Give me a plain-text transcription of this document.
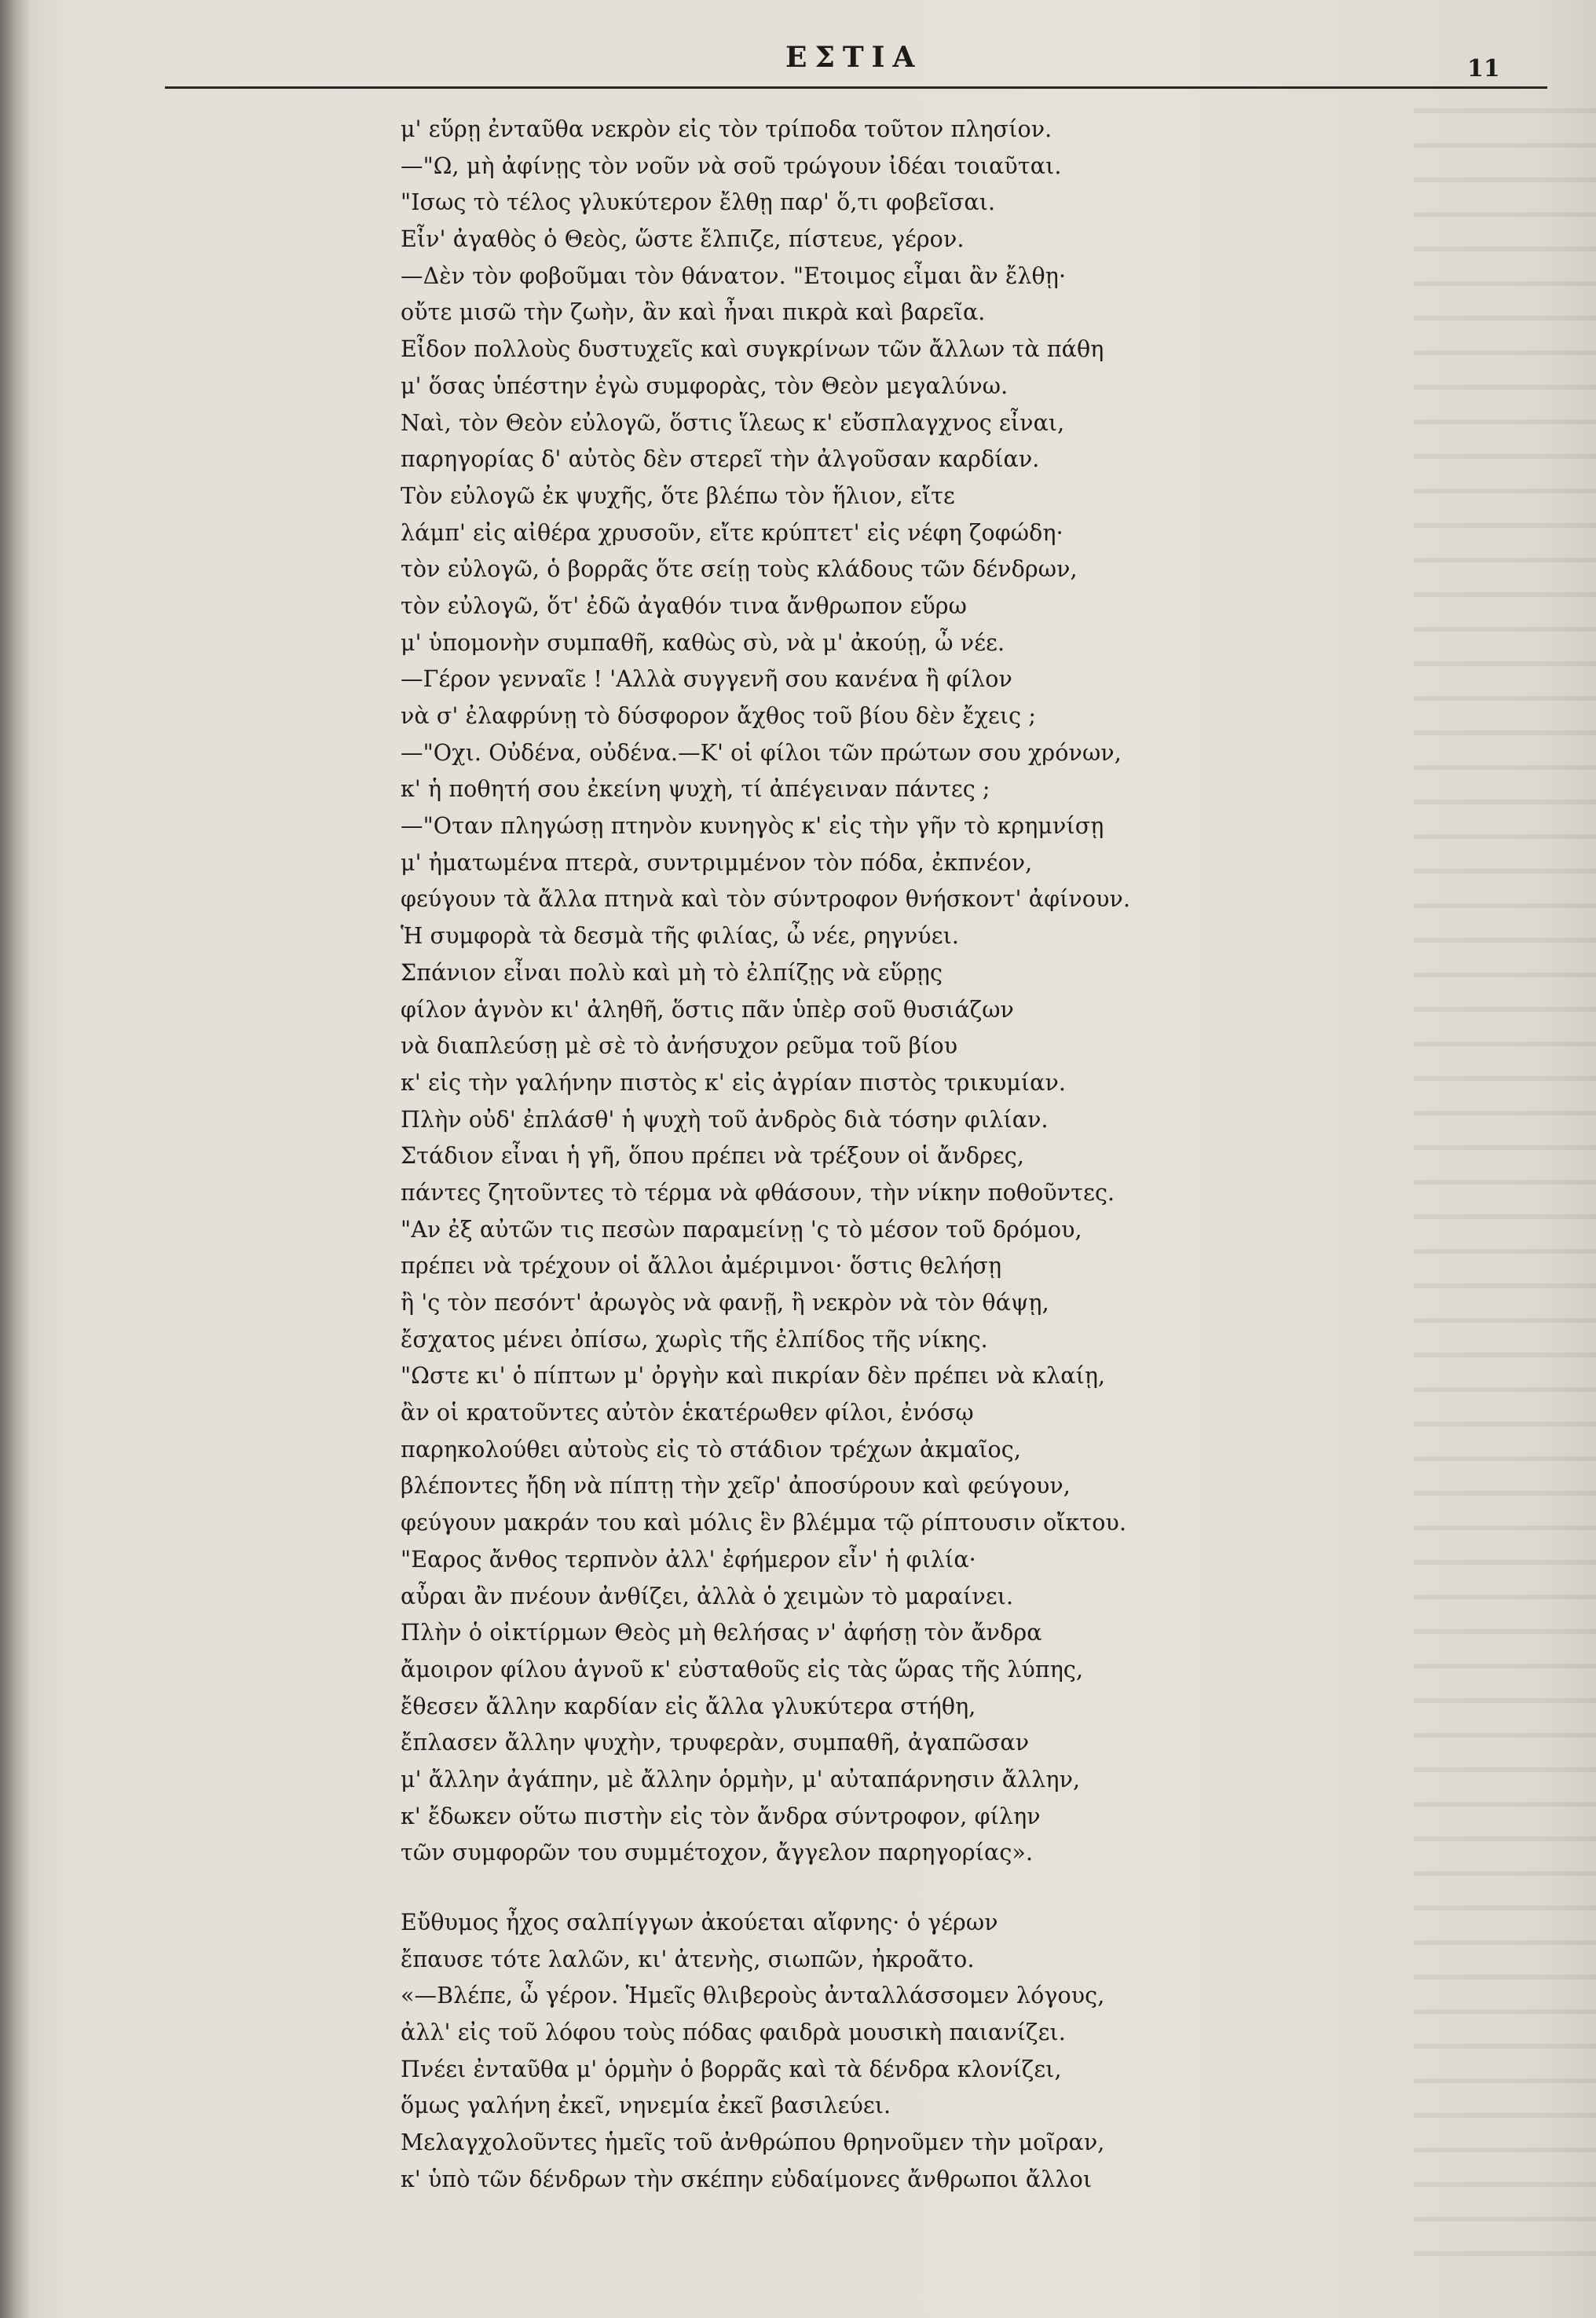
ΕΣΤΙΑ	11
μ' εὕρῃ ἐνταῦθα νεκρὸν εἰς τὸν τρίποδα τοῦτον πλησίον.
—"Ω, μὴ ἀφίνῃς τὸν νοῦν νὰ σοῦ τρώγουν ἰδέαι τοιαῦται.
"Ισως τὸ τέλος γλυκύτερον ἔλθῃ παρ' ὅ,τι φοβεῖσαι.
Εἶν' ἀγαθὸς ὁ Θεὸς, ὥστε ἔλπιζε, πίστευε, γέρον.
—Δὲν τὸν φοβοῦμαι τὸν θάνατον. "Ετοιμος εἶμαι ἂν ἔλθῃ·
οὔτε μισῶ τὴν ζωὴν, ἂν καὶ ἦναι πικρὰ καὶ βαρεῖα.
Εἶδον πολλοὺς δυστυχεῖς καὶ συγκρίνων τῶν ἄλλων τὰ πάθη
μ' ὅσας ὑπέστην ἐγὼ συμφορὰς, τὸν Θεὸν μεγαλύνω.
Ναὶ, τὸν Θεὸν εὐλογῶ, ὅστις ἵλεως κ' εὔσπλαγχνος εἶναι,
παρηγορίας δ' αὐτὸς δὲν στερεῖ τὴν ἀλγοῦσαν καρδίαν.
Τὸν εὐλογῶ ἐκ ψυχῆς, ὅτε βλέπω τὸν ἥλιον, εἴτε
λάμπ' εἰς αἰθέρα χρυσοῦν, εἴτε κρύπτετ' εἰς νέφη ζοφώδη·
τὸν εὐλογῶ, ὁ βορρᾶς ὅτε σείῃ τοὺς κλάδους τῶν δένδρων,
τὸν εὐλογῶ, ὅτ' ἐδῶ ἀγαθόν τινα ἄνθρωπον εὕρω
μ' ὑπομονὴν συμπαθῆ, καθὼς σὺ, νὰ μ' ἀκούῃ, ὦ νέε.
—Γέρον γενναῖε ! 'Αλλὰ συγγενῆ σου κανένα ἢ φίλον
νὰ σ' ἐλαφρύνῃ τὸ δύσφορον ἄχθος τοῦ βίου δὲν ἔχεις ;
—"Οχι. Οὐδένα, οὐδένα.—Κ' οἱ φίλοι τῶν πρώτων σου χρόνων,
κ' ἡ ποθητή σου ἐκείνη ψυχὴ, τί ἀπέγειναν πάντες ;
—"Οταν πληγώσῃ πτηνὸν κυνηγὸς κ' εἰς τὴν γῆν τὸ κρημνίσῃ
μ' ἠματωμένα πτερὰ, συντριμμένον τὸν πόδα, ἐκπνέον,
φεύγουν τὰ ἄλλα πτηνὰ καὶ τὸν σύντροφον θνήσκοντ' ἀφίνουν.
Ἡ συμφορὰ τὰ δεσμὰ τῆς φιλίας, ὦ νέε, ρηγνύει.
Σπάνιον εἶναι πολὺ καὶ μὴ τὸ ἐλπίζῃς νὰ εὕρῃς
φίλον ἁγνὸν κι' ἀληθῆ, ὅστις πᾶν ὑπὲρ σοῦ θυσιάζων
νὰ διαπλεύσῃ μὲ σὲ τὸ ἀνήσυχον ρεῦμα τοῦ βίου
κ' εἰς τὴν γαλήνην πιστὸς κ' εἰς ἀγρίαν πιστὸς τρικυμίαν.
Πλὴν οὐδ' ἐπλάσθ' ἡ ψυχὴ τοῦ ἀνδρὸς διὰ τόσην φιλίαν.
Στάδιον εἶναι ἡ γῆ, ὅπου πρέπει νὰ τρέξουν οἱ ἄνδρες,
πάντες ζητοῦντες τὸ τέρμα νὰ φθάσουν, τὴν νίκην ποθοῦντες.
"Αν ἐξ αὐτῶν τις πεσὼν παραμείνῃ 'ς τὸ μέσον τοῦ δρόμου,
πρέπει νὰ τρέχουν οἱ ἄλλοι ἀμέριμνοι· ὅστις θελήσῃ
ἢ 'ς τὸν πεσόντ' ἀρωγὸς νὰ φανῇ, ἢ νεκρὸν νὰ τὸν θάψῃ,
ἔσχατος μένει ὀπίσω, χωρὶς τῆς ἐλπίδος τῆς νίκης.
"Ωστε κι' ὁ πίπτων μ' ὀργὴν καὶ πικρίαν δὲν πρέπει νὰ κλαίῃ,
ἂν οἱ κρατοῦντες αὐτὸν ἑκατέρωθεν φίλοι, ἐνόσῳ
παρηκολούθει αὐτοὺς εἰς τὸ στάδιον τρέχων ἀκμαῖος,
βλέποντες ἤδη νὰ πίπτῃ τὴν χεῖρ' ἀποσύρουν καὶ φεύγουν,
φεύγουν μακράν του καὶ μόλις ἓν βλέμμα τῷ ρίπτουσιν οἴκτου.
"Εαρος ἄνθος τερπνὸν ἀλλ' ἐφήμερον εἶν' ἡ φιλία·
αὖραι ἂν πνέουν ἀνθίζει, ἀλλὰ ὁ χειμὼν τὸ μαραίνει.
Πλὴν ὁ οἰκτίρμων Θεὸς μὴ θελήσας ν' ἀφήσῃ τὸν ἄνδρα
ἄμοιρον φίλου ἁγνοῦ κ' εὐσταθοῦς εἰς τὰς ὥρας τῆς λύπης,
ἔθεσεν ἄλλην καρδίαν εἰς ἄλλα γλυκύτερα στήθη,
ἔπλασεν ἄλλην ψυχὴν, τρυφερὰν, συμπαθῆ, ἀγαπῶσαν
μ' ἄλλην ἀγάπην, μὲ ἄλλην ὁρμὴν, μ' αὐταπάρνησιν ἄλλην,
κ' ἔδωκεν οὕτω πιστὴν εἰς τὸν ἄνδρα σύντροφον, φίλην
τῶν συμφορῶν του συμμέτοχον, ἄγγελον παρηγορίας».
Εὔθυμος ἦχος σαλπίγγων ἀκούεται αἴφνης· ὁ γέρων
ἔπαυσε τότε λαλῶν, κι' ἀτενὴς, σιωπῶν, ἠκροᾶτο.
«—Βλέπε, ὦ γέρον. Ἡμεῖς θλιβεροὺς ἀνταλλάσσομεν λόγους,
ἀλλ' εἰς τοῦ λόφου τοὺς πόδας φαιδρὰ μουσικὴ παιανίζει.
Πνέει ἐνταῦθα μ' ὁρμὴν ὁ βορρᾶς καὶ τὰ δένδρα κλονίζει,
ὅμως γαλήνη ἐκεῖ, νηνεμία ἐκεῖ βασιλεύει.
Μελαγχολοῦντες ἡμεῖς τοῦ ἀνθρώπου θρηνοῦμεν τὴν μοῖραν,
κ' ὑπὸ τῶν δένδρων τὴν σκέπην εὐδαίμονες ἄνθρωποι ἄλλοι
